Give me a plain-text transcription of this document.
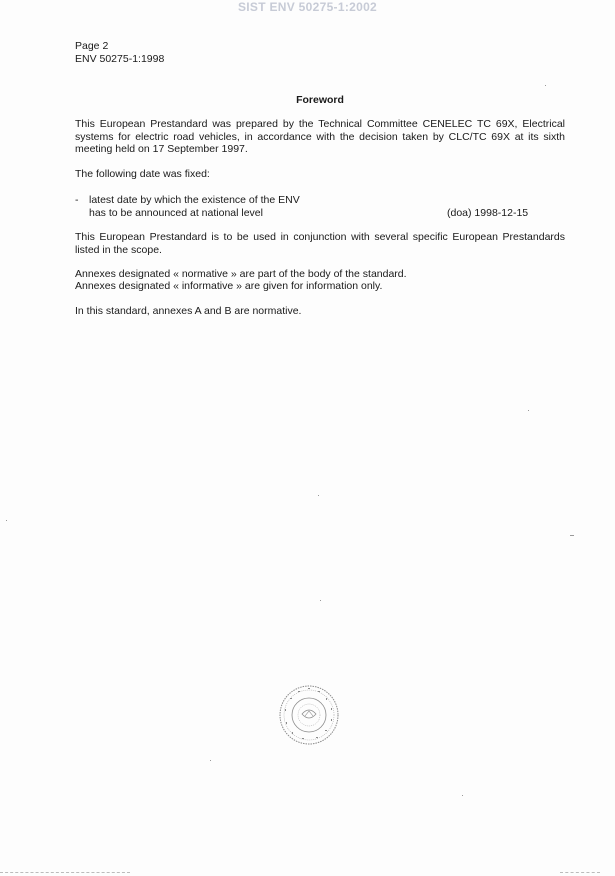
SIST ENV 50275-1:2002
Page 2
ENV 50275-1:1998
Foreword
This European Prestandard was prepared by the Technical Committee CENELEC TC 69X, Electrical systems for electric road vehicles, in accordance with the decision taken by CLC/TC 69X at its sixth meeting held on 17 September 1997.
The following date was fixed:
- latest date by which the existence of the ENV
has to be announced at national level	(doa) 1998-12-15
This European Prestandard is to be used in conjunction with several specific European Prestandards listed in the scope.
Annexes designated « normative » are part of the body of the standard.
Annexes designated « informative » are given for information only.
In this standard, annexes A and B are normative.
